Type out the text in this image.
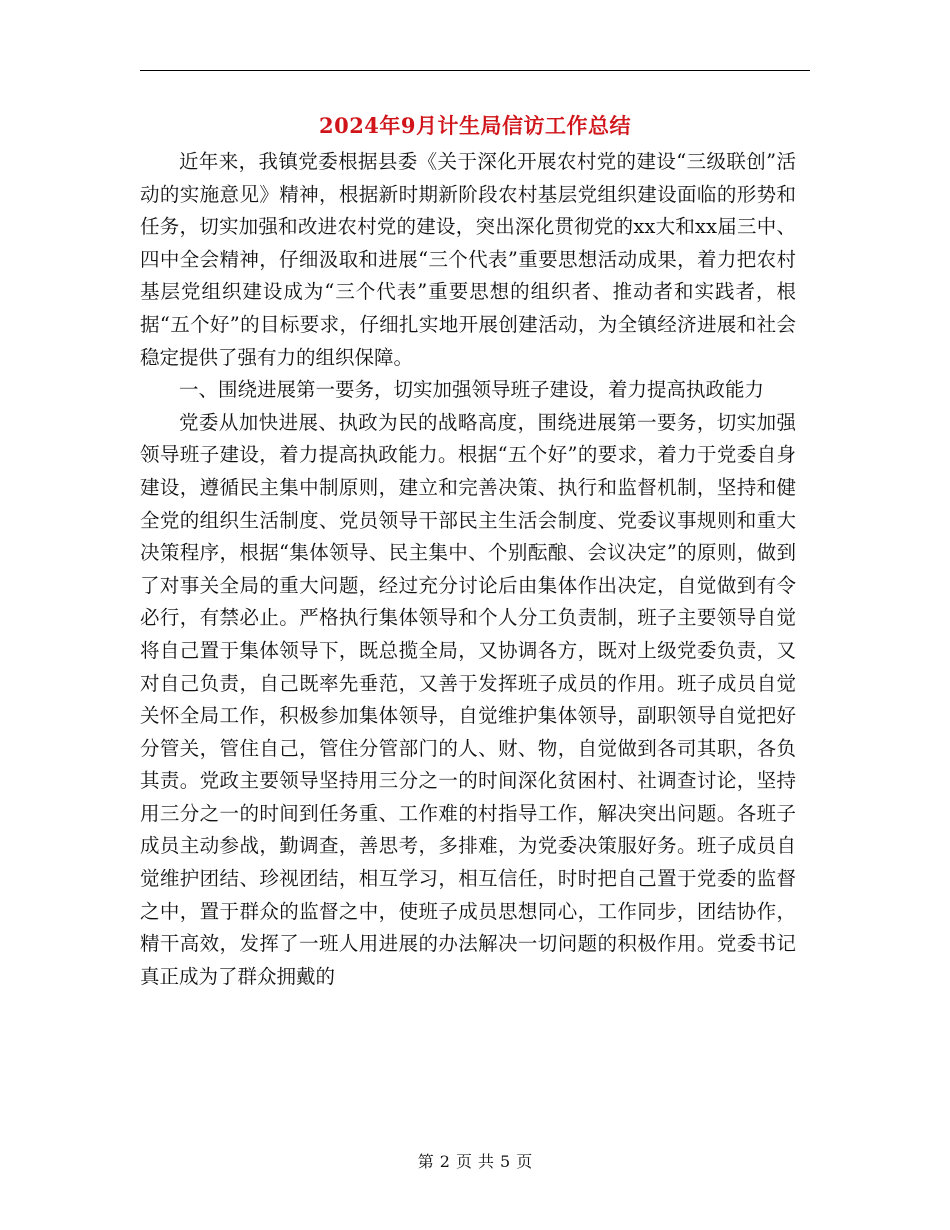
2024年9月计生局信访工作总结

近年来，我镇党委根据县委《关于深化开展农村党的建设“三级联创”活动的实施意见》精神，根据新时期新阶段农村基层党组织建设面临的形势和任务，切实加强和改进农村党的建设，突出深化贯彻党的xx大和xx届三中、四中全会精神，仔细汲取和进展“三个代表”重要思想活动成果，着力把农村基层党组织建设成为“三个代表”重要思想的组织者、推动者和实践者，根据“五个好”的目标要求，仔细扎实地开展创建活动，为全镇经济进展和社会稳定提供了强有力的组织保障。

一、围绕进展第一要务，切实加强领导班子建设，着力提高执政能力

党委从加快进展、执政为民的战略高度，围绕进展第一要务，切实加强领导班子建设，着力提高执政能力。根据“五个好”的要求，着力于党委自身建设，遵循民主集中制原则，建立和完善决策、执行和监督机制，坚持和健全党的组织生活制度、党员领导干部民主生活会制度、党委议事规则和重大决策程序，根据“集体领导、民主集中、个别酝酿、会议决定”的原则，做到了对事关全局的重大问题，经过充分讨论后由集体作出决定，自觉做到有令必行，有禁必止。严格执行集体领导和个人分工负责制，班子主要领导自觉将自己置于集体领导下，既总揽全局，又协调各方，既对上级党委负责，又对自己负责，自己既率先垂范，又善于发挥班子成员的作用。班子成员自觉关怀全局工作，积极参加集体领导，自觉维护集体领导，副职领导自觉把好分管关，管住自己，管住分管部门的人、财、物，自觉做到各司其职，各负其责。党政主要领导坚持用三分之一的时间深化贫困村、社调查讨论，坚持用三分之一的时间到任务重、工作难的村指导工作，解决突出问题。各班子成员主动参战，勤调查，善思考，多排难，为党委决策服好务。班子成员自觉维护团结、珍视团结，相互学习，相互信任，时时把自己置于党委的监督之中，置于群众的监督之中，使班子成员思想同心，工作同步，团结协作，精干高效，发挥了一班人用进展的办法解决一切问题的积极作用。党委书记真正成为了群众拥戴的

第 2 页 共 5 页
